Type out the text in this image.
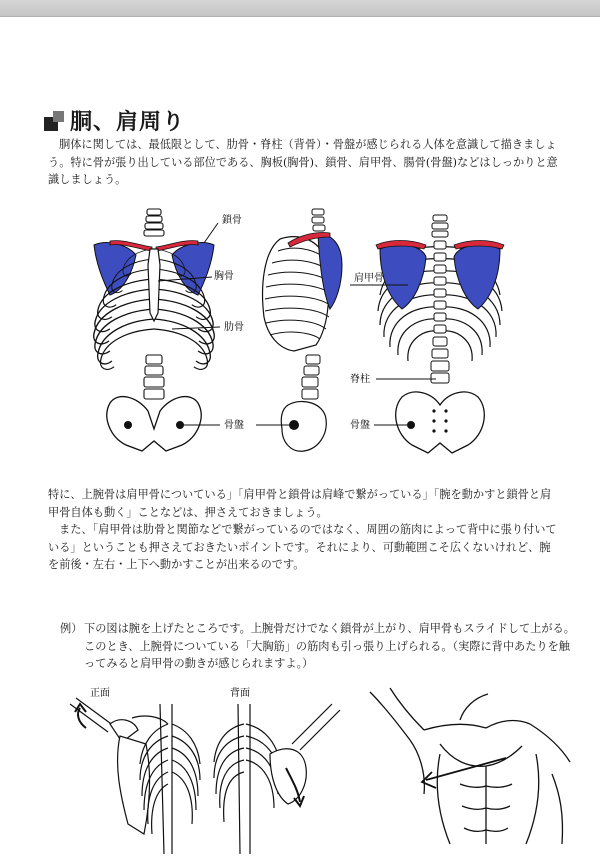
胴、肩周り
胴体に関しては、最低限として、肋骨・脊柱（背骨）・骨盤が感じられる人体を意識して描きましょう。特に骨が張り出している部位である、胸板(胸骨)、鎖骨、肩甲骨、腸骨(骨盤)などはしっかりと意識しましょう。
鎖骨
胸骨
肋骨
骨盤
肩甲骨
脊柱
骨盤
特に、上腕骨は肩甲骨についている」「肩甲骨と鎖骨は肩峰で繋がっている」「腕を動かすと鎖骨と肩甲骨自体も動く」ことなどは、押さえておきましょう。
また、「肩甲骨は肋骨と関節などで繋がっているのではなく、周囲の筋肉によって背中に張り付いている」ということも押さえておきたいポイントです。それにより、可動範囲こそ広くないけれど、腕を前後・左右・上下へ動かすことが出来るのです。
例） 下の図は腕を上げたところです。上腕骨だけでなく鎖骨が上がり、肩甲骨もスライドして上がる。このとき、上腕骨についている「大胸筋」の筋肉も引っ張り上げられる。（実際に背中あたりを触ってみると肩甲骨の動きが感じられますよ。）
正面	背面
